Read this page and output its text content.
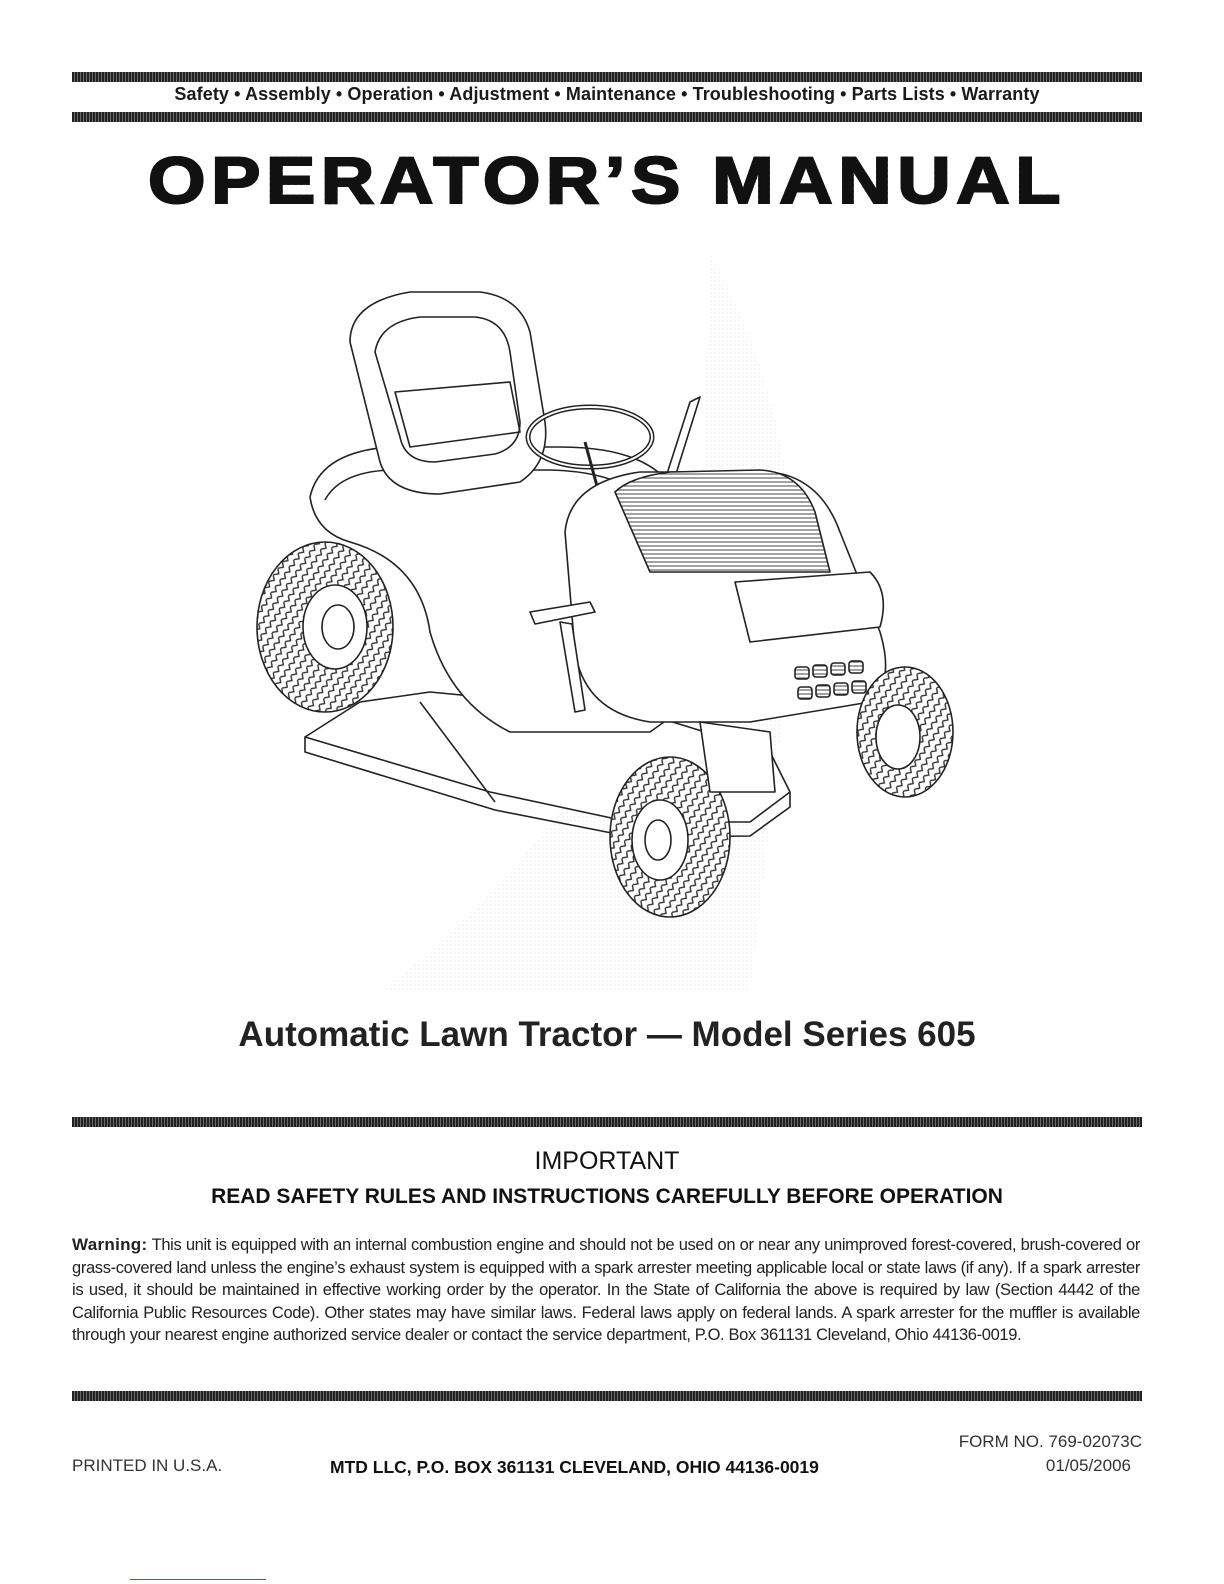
Safety • Assembly • Operation • Adjustment • Maintenance • Troubleshooting • Parts Lists • Warranty
OPERATOR’S MANUAL
Automatic Lawn Tractor — Model Series 605
IMPORTANT
READ SAFETY RULES AND INSTRUCTIONS CAREFULLY BEFORE OPERATION
Warning: This unit is equipped with an internal combustion engine and should not be used on or near any unimproved forest-covered, brush-covered or grass-covered land unless the engine’s exhaust system is equipped with a spark arrester meeting applicable local or state laws (if any). If a spark arrester is used, it should be maintained in effective working order by the operator. In the State of California the above is required by law (Section 4442 of the California Public Resources Code). Other states may have similar laws. Federal laws apply on federal lands. A spark arrester for the muffler is available through your nearest engine authorized service dealer or contact the service department, P.O. Box 361131 Cleveland, Ohio 44136-0019.
PRINTED IN U.S.A.	MTD LLC, P.O. BOX 361131 CLEVELAND, OHIO 44136-0019
FORM NO. 769-02073C
01/05/2006
